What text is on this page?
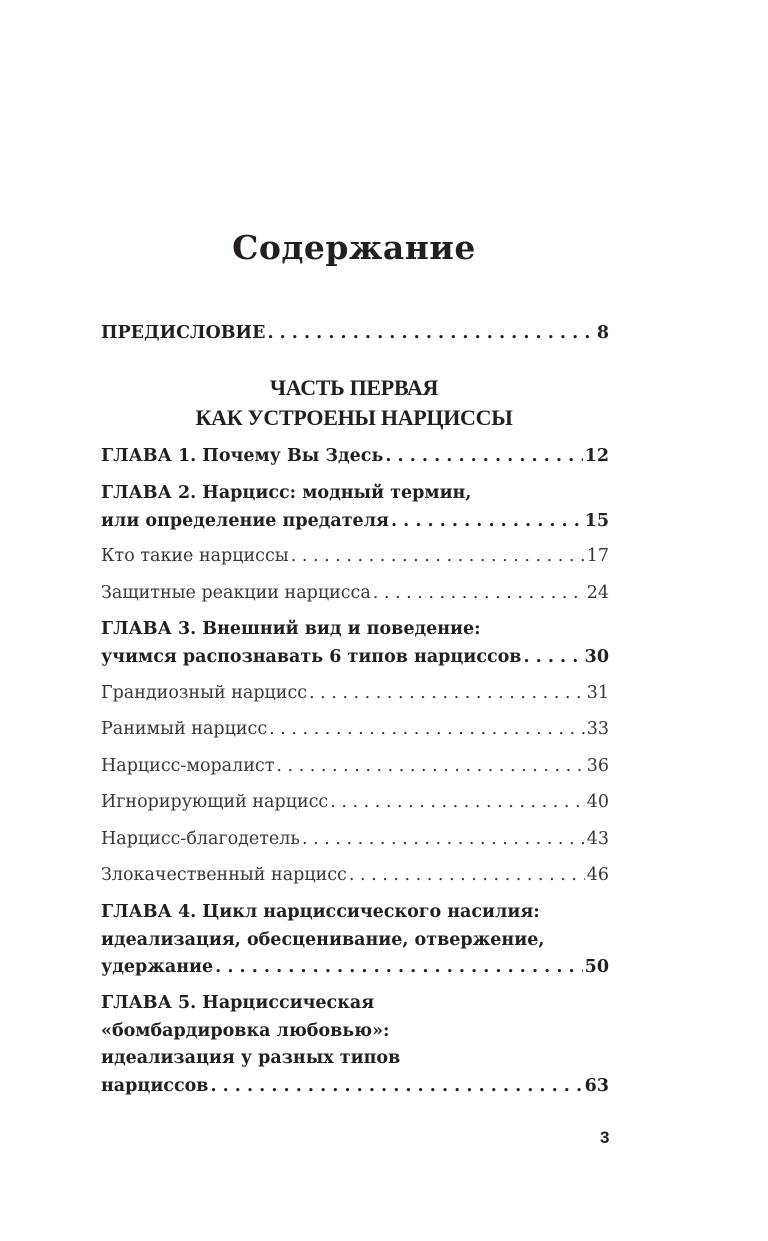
Содержание
ПРЕДИСЛОВИЕ . . .	8
ЧАСТЬ ПЕРВАЯ
КАК УСТРОЕНЫ НАРЦИССЫ
ГЛАВА 1. Почему Вы Здесь . . .	12
ГЛАВА 2. Нарцисс: модный термин,
или определение предателя . . .	15
Кто такие нарциссы . . .	17
Защитные реакции нарцисса . . .	24
ГЛАВА 3. Внешний вид и поведение:
учимся распознавать 6 типов нарциссов . . .	30
Грандиозный нарцисс . . .	31
Ранимый нарцисс . . .	33
Нарцисс-моралист . . .	36
Игнорирующий нарцисс . . .	40
Нарцисс-благодетель . . .	43
Злокачественный нарцисс . . .	46
ГЛАВА 4. Цикл нарциссического насилия:
идеализация, обесценивание, отвержение,
удержание . . .	50
ГЛАВА 5. Нарциссическая
«бомбардировка любовью»:
идеализация у разных типов
нарциссов . . .	63
3
